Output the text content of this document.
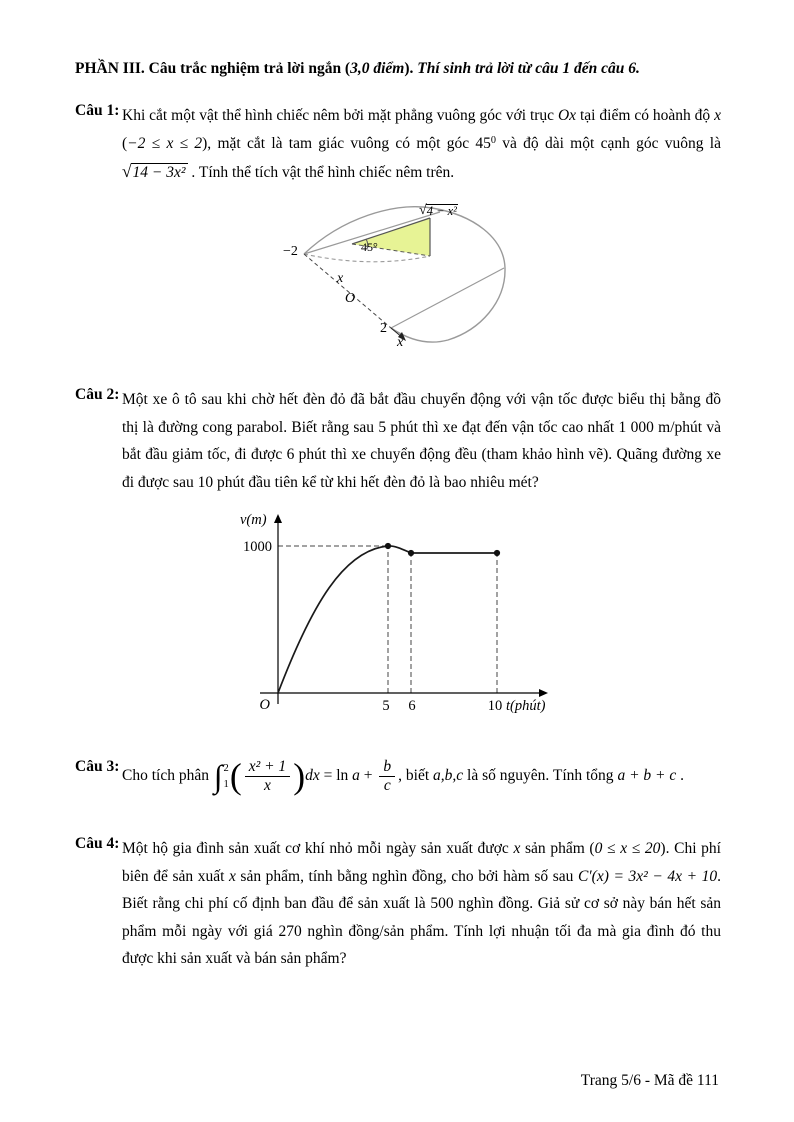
PHẦN III. Câu trắc nghiệm trả lời ngắn (3,0 điểm). Thí sinh trả lời từ câu 1 đến câu 6.

Câu 1: Khi cắt một vật thể hình chiếc nêm bởi mặt phẳng vuông góc với trục Ox tại điểm có hoành độ x (−2 ≤ x ≤ 2), mặt cắt là tam giác vuông có một góc $45^0$ và độ dài một cạnh góc vuông là √14 − 3x² . Tính thể tích vật thể hình chiếc nêm trên.

√ 4 − x²
45°
−2
x
O
2
x
Câu 2: Một xe ô tô sau khi chờ hết đèn đỏ đã bắt đầu chuyển động với vận tốc được biểu thị bằng đồ thị là đường cong parabol. Biết rằng sau 5 phút thì xe đạt đến vận tốc cao nhất 1 000 m/phút và bắt đầu giảm tốc, đi được 6 phút thì xe chuyển động đều (tham khảo hình vẽ). Quãng đường xe đi được sau 10 phút đầu tiên kể từ khi hết đèn đỏ là bao nhiêu mét?

v(m)
1000
O	5 6	10 t(phút)
Câu 3:

Cho tích phân ∫ 2
1 ( $\frac{\text{x² + 1}}{x} )dx = \ln a + \frac{b}{c}$ , biết a,b,c là số nguyên. Tính tổng a + b + c .

Câu 4: Một hộ gia đình sản xuất cơ khí nhỏ mỗi ngày sản xuất được x sản phẩm (0 ≤ x ≤ 20). Chi phí biên để sản xuất x sản phẩm, tính bằng nghìn đồng, cho bởi hàm số sau C′(x) = 3x² − 4x + 10. Biết rằng chi phí cố định ban đầu để sản xuất là 500 nghìn đồng. Giả sử cơ sở này bán hết sản phẩm mỗi ngày với giá 270 nghìn đồng/sản phẩm. Tính lợi nhuận tối đa mà gia đình đó thu được khi sản xuất và bán sản phẩm?

Trang 5/6 - Mã đề 111
